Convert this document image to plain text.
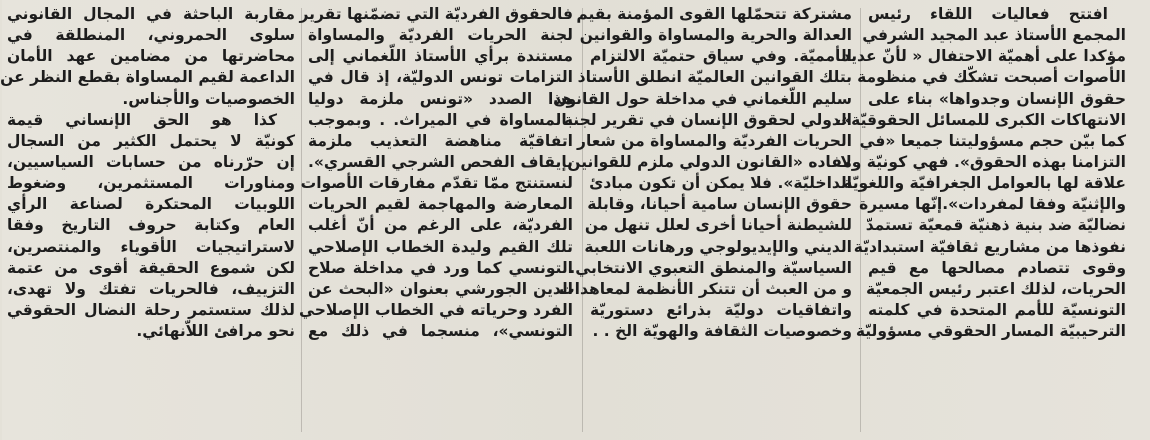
افتتح فعاليات اللقاء رئيس
المجمع الأستاذ عبد المجيد الشرفي
مؤكدا على أهميّة الاحتفال « لأنّ عديد
الأصوات أصبحت تشكّك في منظومة
حقوق الإنسان وجدواها» بناء على
الانتهاكات الكبرى للمسائل الحقوقيّة»،
كما بيّن حجم مسؤوليتنا جميعا «في
التزامنا بهذه الحقوق». فهي كونيّة ولا
علاقة لها بالعوامل الجغرافيّة واللغويّة
والإثنيّة وفقا لمفردات».إنّها مسيرة
نضاليّة ضد بنية ذهنيّة قمعيّة تستمدّ
نفوذها من مشاريع ثقافيّة استبداديّة
وقوى تتصادم مصالحها مع قيم
الحريات، لذلك اعتبر رئيس الجمعيّة
التونسيّة للأمم المتحدة في كلمته
الترحيبيّة المسار الحقوقي مسؤوليّة
مشتركة تتحمّلها القوى المؤمنة بقيم
العدالة والحرية والمساواة والقوانين
الأمميّة. وفي سياق حتميّة الالتزام
بتلك القوانين العالميّة انطلق الأستاذ
سليم اللّغماني في مداخلة حول القانون
الدولي لحقوق الإنسان في تقرير لجنة
الحريات الفرديّة والمساواة من شعار
مفاده «القانون الدولي ملزم للقوانين
الداخليّة». فلا يمكن أن تكون مبادئ
حقوق الإنسان سامية أحيانا، وقابلة
للشيطنة أحيانا أخرى لعلل تنهل من
الديني والإيديولوجي ورهانات اللعبة
السياسيّة والمنطق التعبوي الانتخابي.
و من العبث أن تتنكر الأنظمة لمعاهدات
واتفاقيات دوليّة بذرائع دستوريّة
وخصوصيات الثقافة والهويّة الخ . .
فالحقوق الفرديّة التي تضمّنها تقرير
لجنة الحريات الفرديّة والمساواة
مستندة برأي الأستاذ اللّغماني إلى
التزامات تونس الدوليّة، إذ قال في
هذا الصدد «تونس ملزمة دوليا
بالمساواة في الميراث. . وبموجب
اتفاقيّة مناهضة التعذيب ملزمة
بإيقاف الفحص الشرجي القسري».
لنستنتج ممّا تقدّم مفارقات الأصوات
المعارضة والمهاجمة لقيم الحريات
الفرديّة، على الرغم من أنّ أغلب
تلك القيم وليدة الخطاب الإصلاحي
التونسي كما ورد في مداخلة صلاح
الدين الجورشي بعنوان «البحث عن
الفرد وحرياته في الخطاب الإصلاحي
التونسي»، منسجما في ذلك مع
مقاربة الباحثة في المجال القانوني
سلوى الحمروني، المنطلقة في
محاضرتها من مضامين عهد الأمان
الداعمة لقيم المساواة بقطع النظر عن
الخصوصيات والأجناس.
كذا هو الحق الإنساني قيمة
كونيّة لا يحتمل الكثير من السجال
إن حرّرناه من حسابات السياسيين،
ومناورات المستثمرين، وضغوط
اللوبيات المحتكرة لصناعة الرأي
العام وكتابة حروف التاريخ وفقا
لاستراتيجيات الأقوياء والمنتصرين،
لكن شموع الحقيقة أقوى من عتمة
التزييف، فالحريات تفتك ولا تهدى،
لذلك ستستمر رحلة النضال الحقوقي
نحو مرافئ اللاّنهائي.
